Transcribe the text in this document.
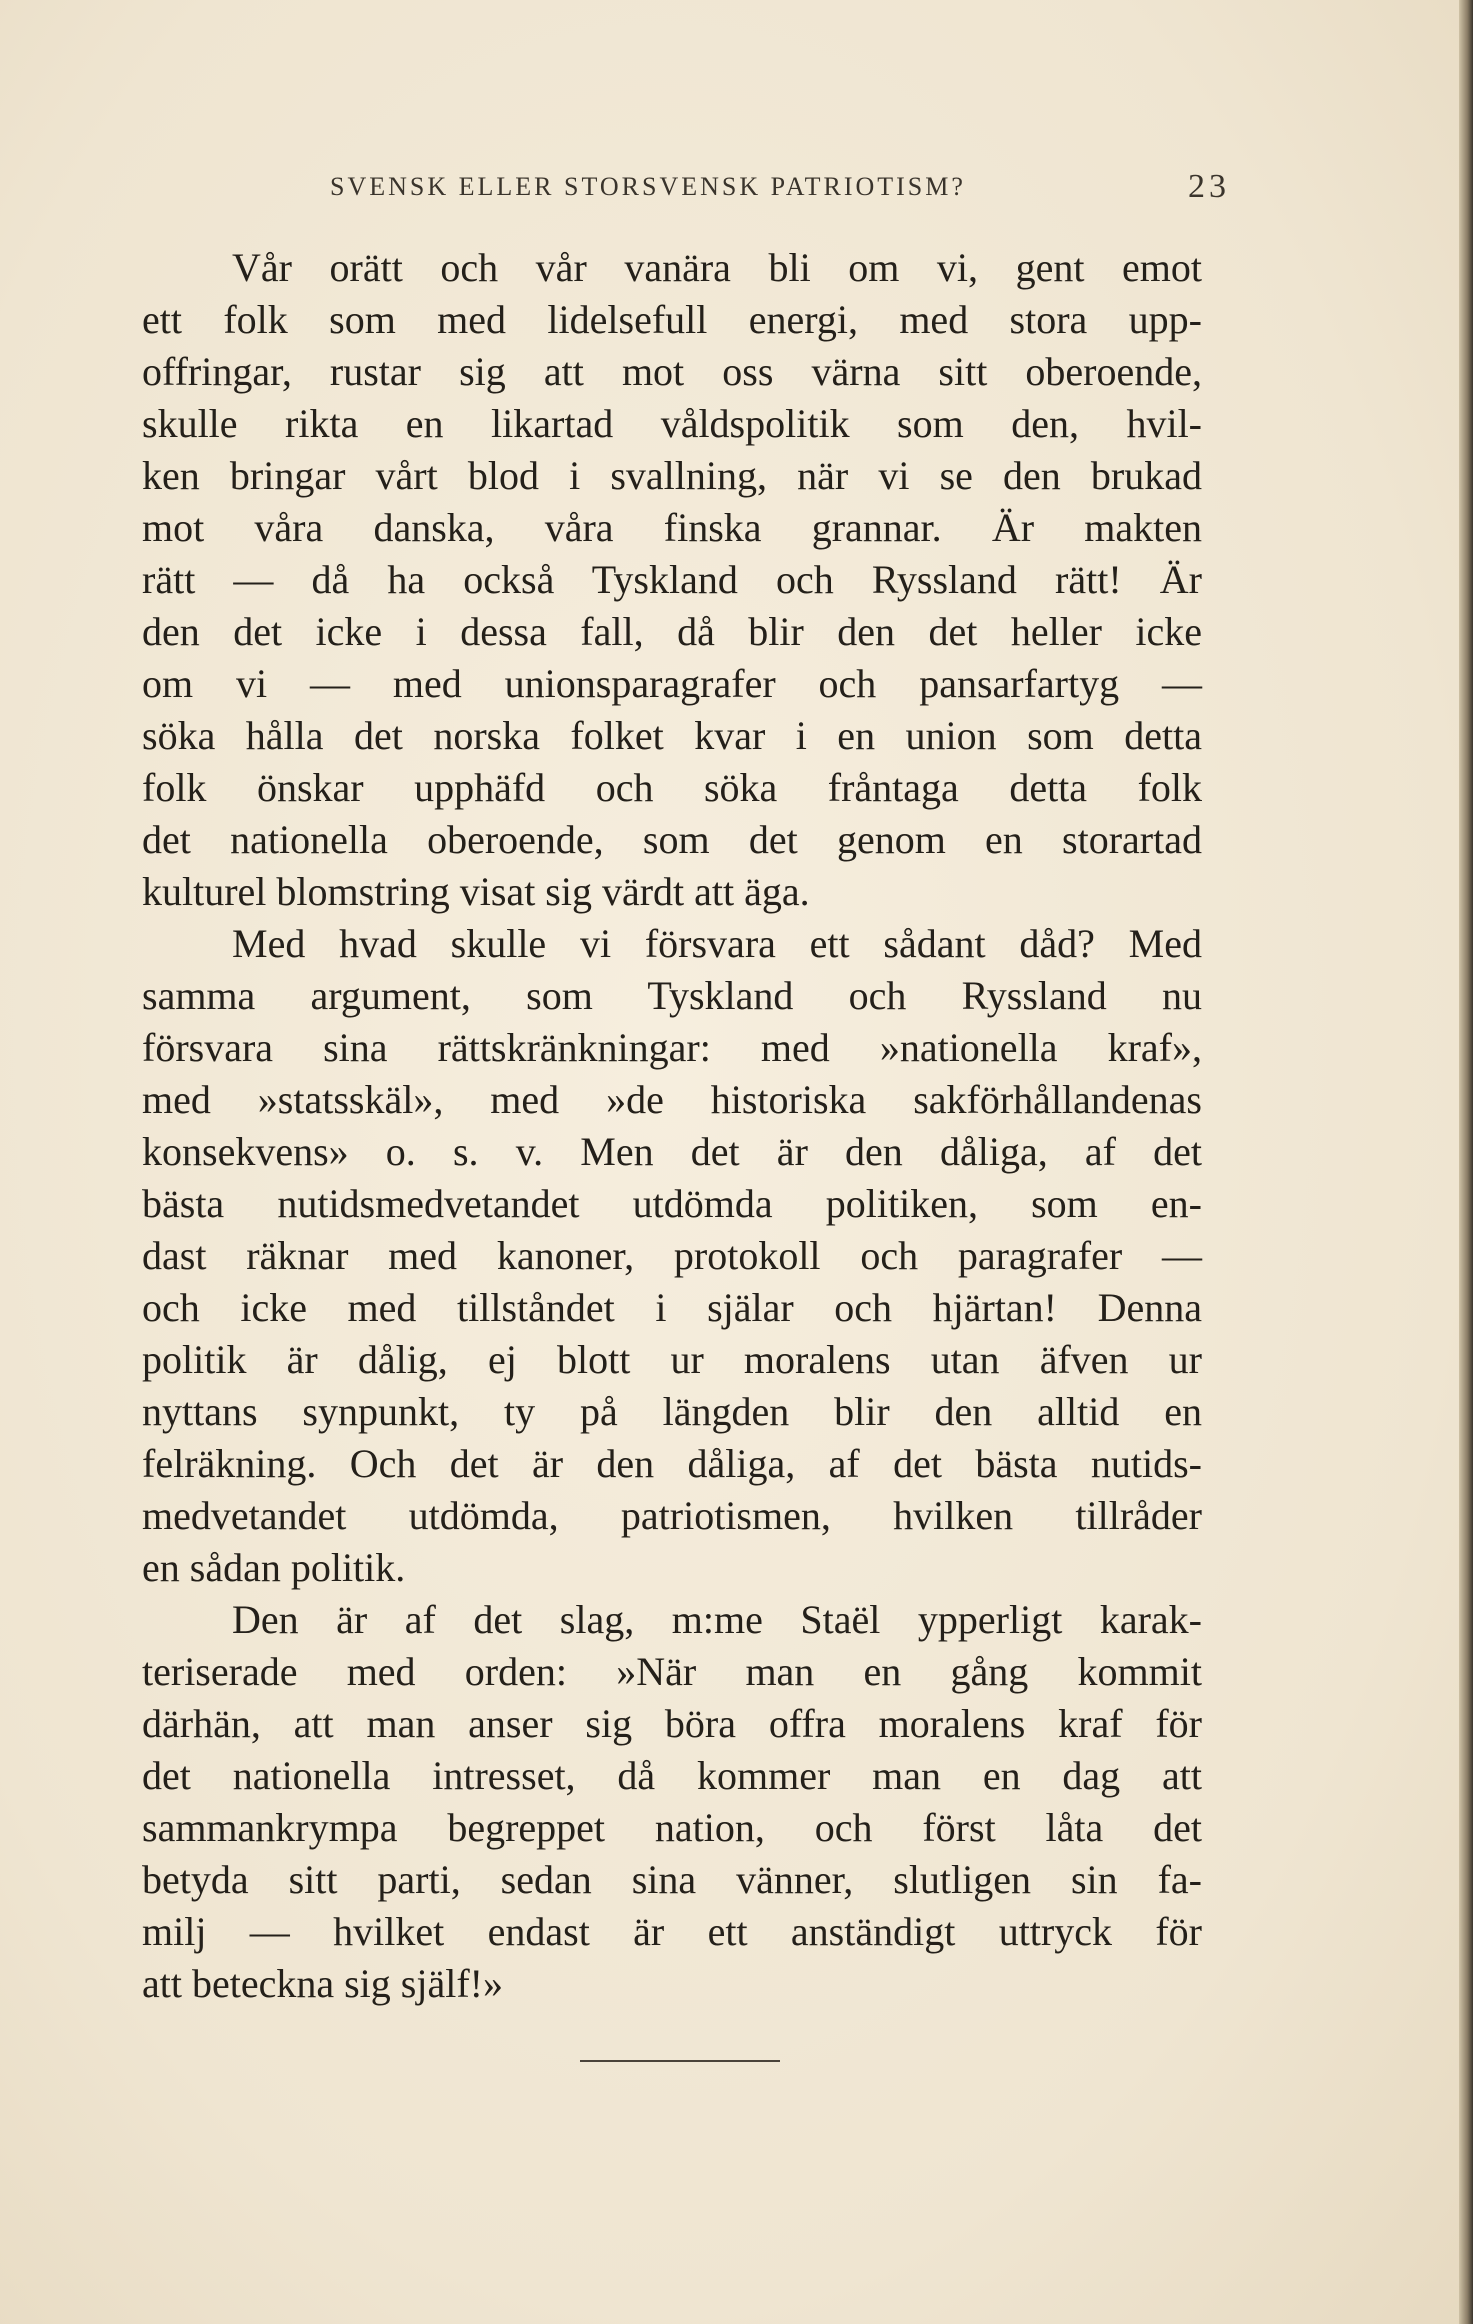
SVENSK ELLER STORSVENSK PATRIOTISM?	23
Vår orätt och vår vanära bli om vi, gent emot
ett folk som med lidelsefull energi, med stora upp-
offringar, rustar sig att mot oss värna sitt oberoende,
skulle rikta en likartad våldspolitik som den, hvil-
ken bringar vårt blod i svallning, när vi se den brukad
mot våra danska, våra finska grannar. Är makten
rätt — då ha också Tyskland och Ryssland rätt! Är
den det icke i dessa fall, då blir den det heller icke
om vi — med unionsparagrafer och pansarfartyg —
söka hålla det norska folket kvar i en union som detta
folk önskar upphäfd och söka fråntaga detta folk
det nationella oberoende, som det genom en storartad
kulturel blomstring visat sig värdt att äga.
Med hvad skulle vi försvara ett sådant dåd? Med
samma argument, som Tyskland och Ryssland nu
försvara sina rättskränkningar: med »nationella kraf»,
med »statsskäl», med »de historiska sakförhållandenas
konsekvens» o. s. v. Men det är den dåliga, af det
bästa nutidsmedvetandet utdömda politiken, som en-
dast räknar med kanoner, protokoll och paragrafer —
och icke med tillståndet i själar och hjärtan! Denna
politik är dålig, ej blott ur moralens utan äfven ur
nyttans synpunkt, ty på längden blir den alltid en
felräkning. Och det är den dåliga, af det bästa nutids-
medvetandet utdömda, patriotismen, hvilken tillråder
en sådan politik.
Den är af det slag, m:me Staël ypperligt karak-
teriserade med orden: »När man en gång kommit
därhän, att man anser sig böra offra moralens kraf för
det nationella intresset, då kommer man en dag att
sammankrympa begreppet nation, och först låta det
betyda sitt parti, sedan sina vänner, slutligen sin fa-
milj — hvilket endast är ett anständigt uttryck för
att beteckna sig själf!»
